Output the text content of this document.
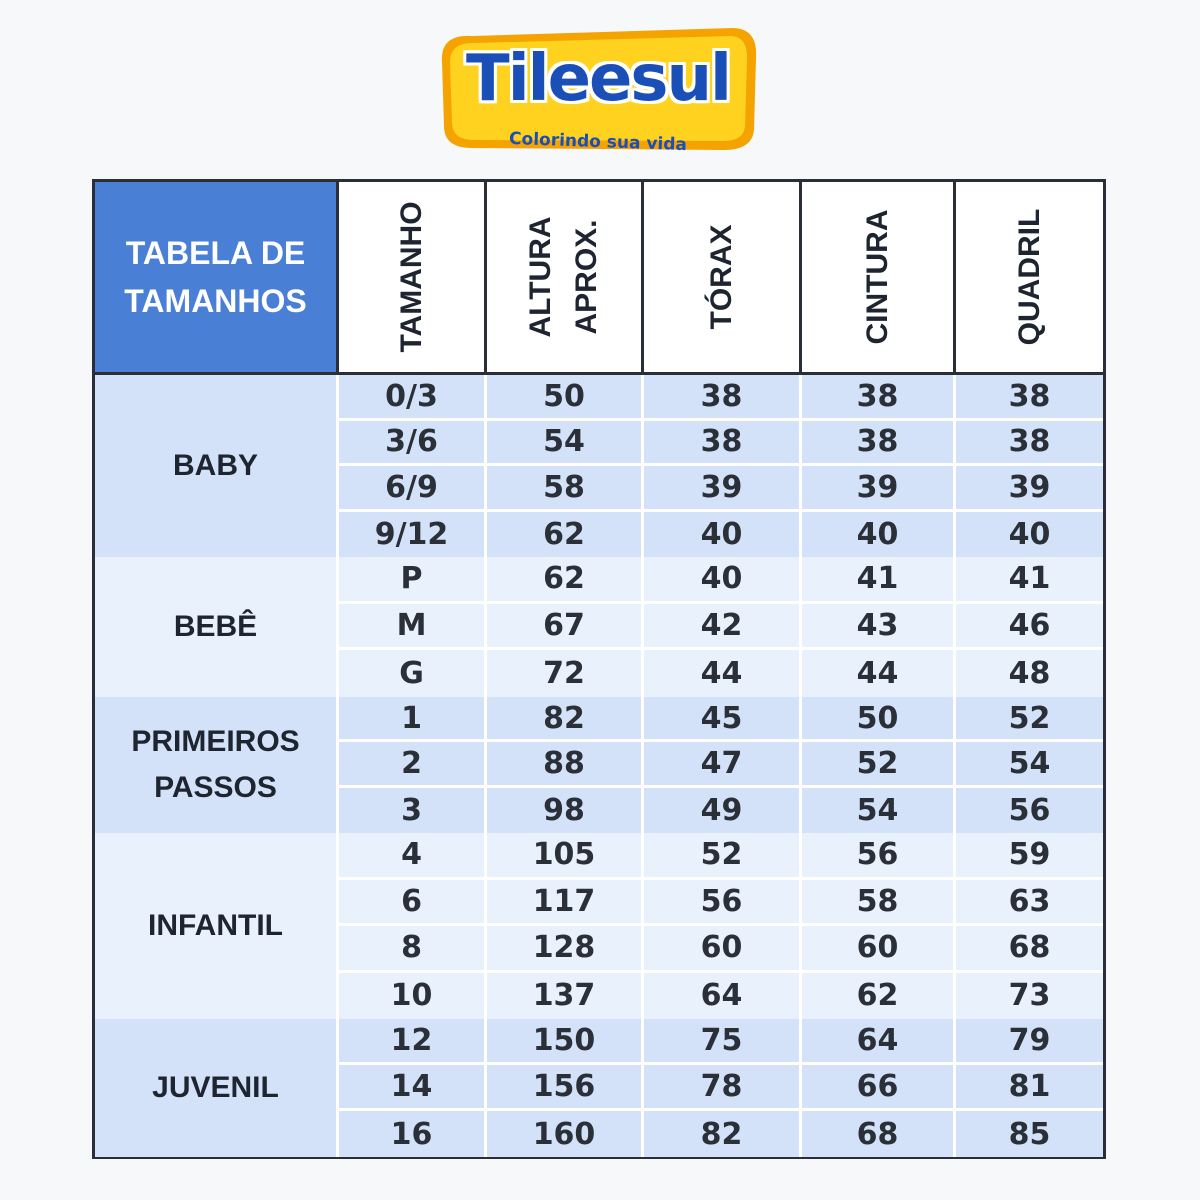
Tileesul
Colorindo sua vida
TABELA DE
TAMANHOS	TAMANHO	ALTURA APROX.	TÓRAX	CINTURA	QUADRIL
BABY
0/3	50	38	38	38
3/6	54	38	38	38
6/9	58	39	39	39
9/12	62	40	40	40
BEBÊ
P	62	40	41	41
M	67	42	43	46
G	72	44	44	48
PRIMEIROS
PASSOS
1	82	45	50	52
2	88	47	52	54
3	98	49	54	56
INFANTIL
4	105	52	56	59
6	117	56	58	63
8	128	60	60	68
10	137	64	62	73
JUVENIL
12	150	75	64	79
14	156	78	66	81
16	160	82	68	85
